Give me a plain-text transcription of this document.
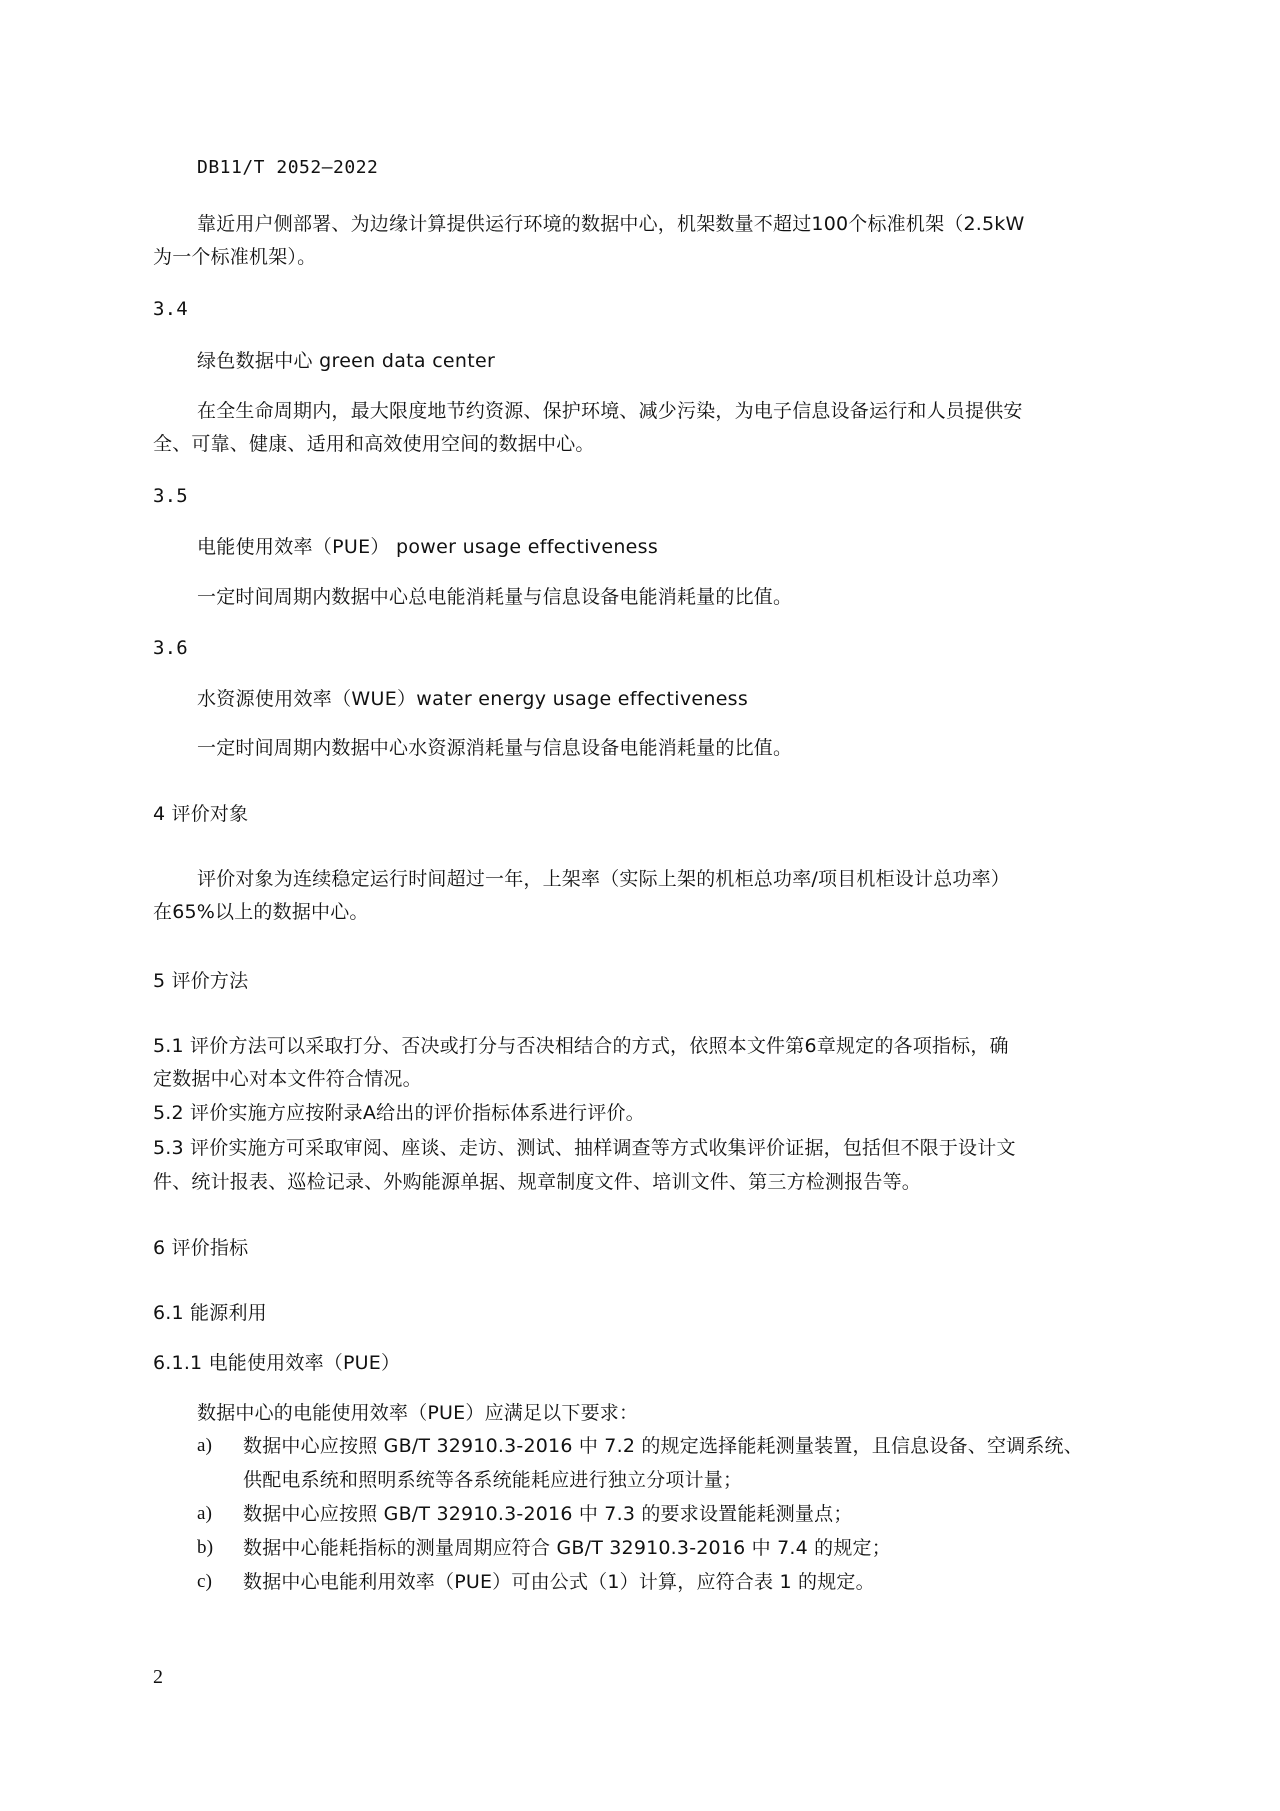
DB11/T 2052—2022
靠近用户侧部署、为边缘计算提供运行环境的数据中心，机架数量不超过100个标准机架（2.5kW
为一个标准机架）。
3.4
绿色数据中心 green data center
在全生命周期内，最大限度地节约资源、保护环境、减少污染，为电子信息设备运行和人员提供安
全、可靠、健康、适用和高效使用空间的数据中心。
3.5
电能使用效率（PUE） power usage effectiveness
一定时间周期内数据中心总电能消耗量与信息设备电能消耗量的比值。
3.6
水资源使用效率（WUE）water energy usage effectiveness
一定时间周期内数据中心水资源消耗量与信息设备电能消耗量的比值。
4 评价对象
评价对象为连续稳定运行时间超过一年，上架率（实际上架的机柜总功率/项目机柜设计总功率）
在65%以上的数据中心。
5 评价方法
5.1 评价方法可以采取打分、否决或打分与否决相结合的方式，依照本文件第6章规定的各项指标，确
定数据中心对本文件符合情况。
5.2 评价实施方应按附录A给出的评价指标体系进行评价。
5.3 评价实施方可采取审阅、座谈、走访、测试、抽样调查等方式收集评价证据，包括但不限于设计文
件、统计报表、巡检记录、外购能源单据、规章制度文件、培训文件、第三方检测报告等。
6 评价指标
6.1 能源利用
6.1.1 电能使用效率（PUE）
数据中心的电能使用效率（PUE）应满足以下要求：
a) 数据中心应按照 GB/T 32910.3-2016 中 7.2 的规定选择能耗测量装置，且信息设备、空调系统、
供配电系统和照明系统等各系统能耗应进行独立分项计量；
a) 数据中心应按照 GB/T 32910.3-2016 中 7.3 的要求设置能耗测量点；
b) 数据中心能耗指标的测量周期应符合 GB/T 32910.3-2016 中 7.4 的规定；
c) 数据中心电能利用效率（PUE）可由公式（1）计算，应符合表 1 的规定。
2
